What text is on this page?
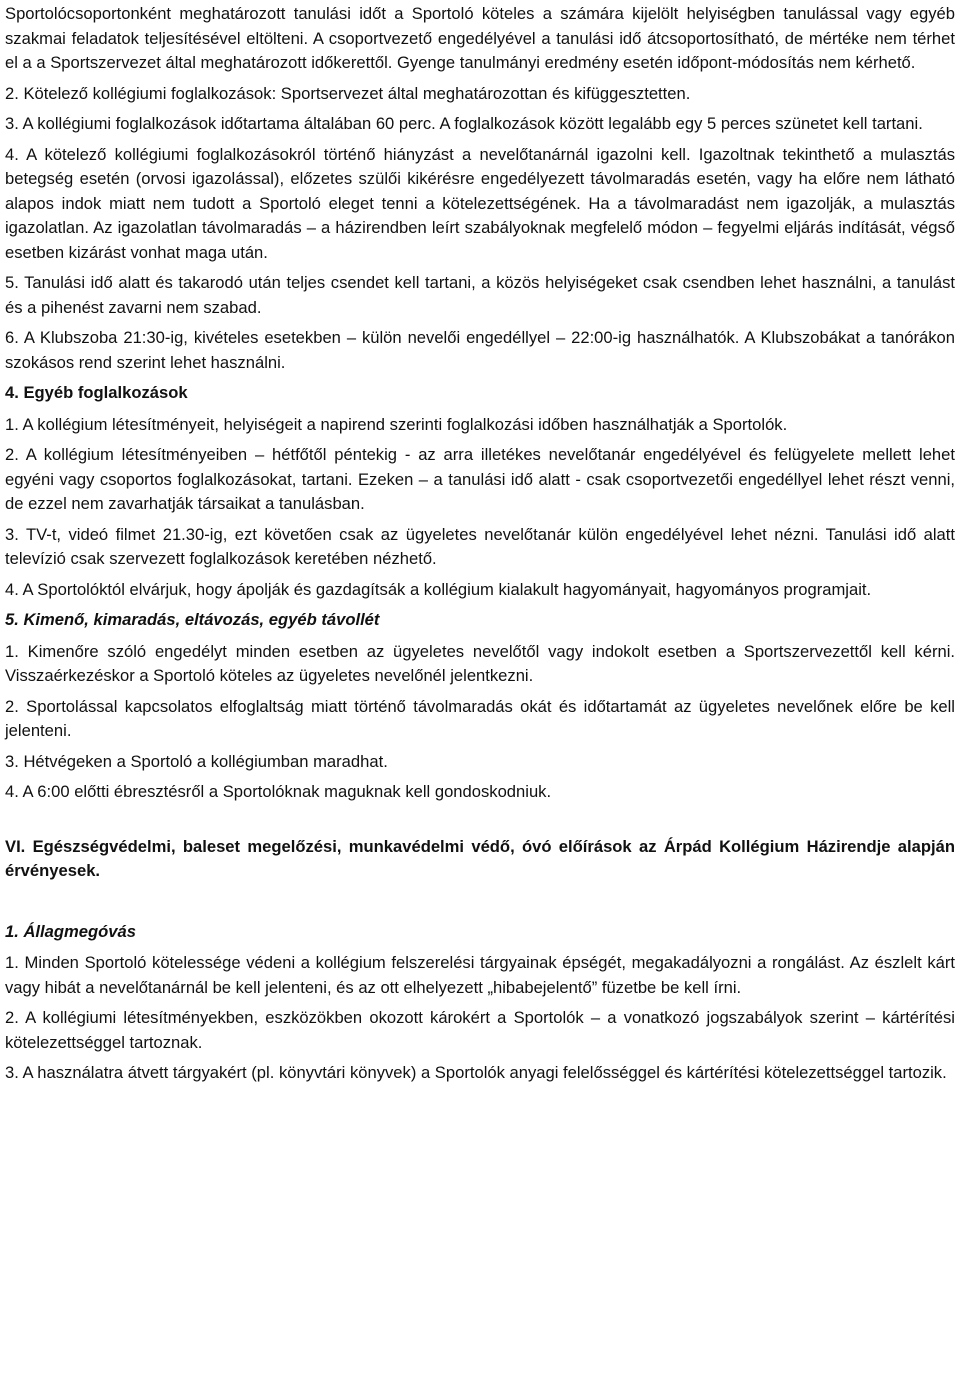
Sportolócsoportonként meghatározott tanulási időt a Sportoló köteles a számára kijelölt helyiségben tanulással vagy egyéb szakmai feladatok teljesítésével eltölteni. A csoportvezető engedélyével a tanulási idő átcsoportosítható, de mértéke nem térhet el a a Sportszervezet által meghatározott időkerettől. Gyenge tanulmányi eredmény esetén időpont-módosítás nem kérhető.

2. Kötelező kollégiumi foglalkozások: Sportservezet által meghatározottan és kifüggesztetten.

3. A kollégiumi foglalkozások időtartama általában 60 perc. A foglalkozások között legalább egy 5 perces szünetet kell tartani.

4. A kötelező kollégiumi foglalkozásokról történő hiányzást a nevelőtanárnál igazolni kell. Igazoltnak tekinthető a mulasztás betegség esetén (orvosi igazolással), előzetes szülői kikérésre engedélyezett távolmaradás esetén, vagy ha előre nem látható alapos indok miatt nem tudott a Sportoló eleget tenni a kötelezettségének. Ha a távolmaradást nem igazolják, a mulasztás igazolatlan. Az igazolatlan távolmaradás – a házirendben leírt szabályoknak megfelelő módon – fegyelmi eljárás indítását, végső esetben kizárást vonhat maga után.

5. Tanulási idő alatt és takarodó után teljes csendet kell tartani, a közös helyiségeket csak csendben lehet használni, a tanulást és a pihenést zavarni nem szabad.

6. A Klubszoba 21:30-ig, kivételes esetekben – külön nevelői engedéllyel – 22:00-ig használhatók. A Klubszobákat a tanórákon szokásos rend szerint lehet használni.

4. Egyéb foglalkozások

1. A kollégium létesítményeit, helyiségeit a napirend szerinti foglalkozási időben használhatják a Sportolók.

2. A kollégium létesítményeiben – hétfőtől péntekig - az arra illetékes nevelőtanár engedélyével és felügyelete mellett lehet egyéni vagy csoportos foglalkozásokat, tartani. Ezeken – a tanulási idő alatt - csak csoportvezetői engedéllyel lehet részt venni, de ezzel nem zavarhatják társaikat a tanulásban.

3. TV-t, videó filmet 21.30-ig, ezt követően csak az ügyeletes nevelőtanár külön engedélyével lehet nézni. Tanulási idő alatt televízió csak szervezett foglalkozások keretében nézhető.

4. A Sportolóktól elvárjuk, hogy ápolják és gazdagítsák a kollégium kialakult hagyományait, hagyományos programjait.

5. Kimenő, kimaradás, eltávozás, egyéb távollét

1. Kimenőre szóló engedélyt minden esetben az ügyeletes nevelőtől vagy indokolt esetben a Sportszervezettől kell kérni. Visszaérkezéskor a Sportoló köteles az ügyeletes nevelőnél jelentkezni.

2. Sportolással kapcsolatos elfoglaltság miatt történő távolmaradás okát és időtartamát az ügyeletes nevelőnek előre be kell jelenteni.

3. Hétvégeken a Sportoló a kollégiumban maradhat.

4. A 6:00 előtti ébresztésről a Sportolóknak maguknak kell gondoskodniuk.

VI. Egészségvédelmi, baleset megelőzési, munkavédelmi védő, óvó előírások az Árpád Kollégium Házirendje alapján érvényesek.

1. Állagmegóvás

1. Minden Sportoló kötelessége védeni a kollégium felszerelési tárgyainak épségét, megakadályozni a rongálást. Az észlelt kárt vagy hibát a nevelőtanárnál be kell jelenteni, és az ott elhelyezett „hibabejelentő” füzetbe be kell írni.

2. A kollégiumi létesítményekben, eszközökben okozott károkért a Sportolók – a vonatkozó jogszabályok szerint – kártérítési kötelezettséggel tartoznak.

3. A használatra átvett tárgyakért (pl. könyvtári könyvek) a Sportolók anyagi felelősséggel és kártérítési kötelezettséggel tartozik.
